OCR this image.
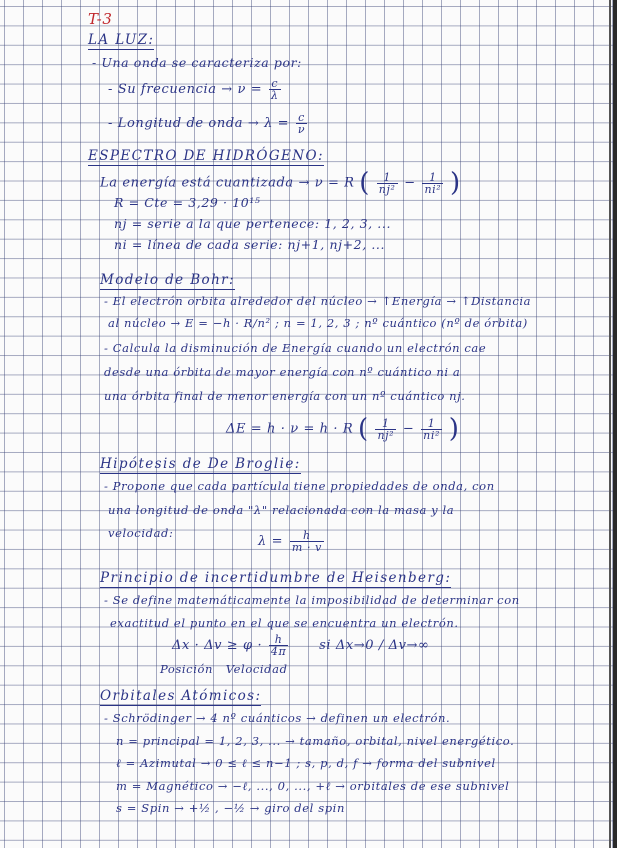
T-3
LA LUZ:
- Una onda se caracteriza por:
- Su frecuencia → $\nu = \frac{c}{\lambda}$
- Longitud de onda → $\lambda = \frac{c}{\nu}$
ESPECTRO DE HIDRÓGENO:
La energía está cuantizada → ν = R ( $\frac{1}{\text{nj²}} - \frac{1}{\text{ni²}}$ )
R = Cte = 3,29 · 10¹⁵
nj = serie a la que pertenece: 1, 2, 3, ...
ni = línea de cada serie: nj+1, nj+2, ...
Modelo de Bohr:
- El electrón orbita alrededor del núcleo → ↑Energía → ↑Distancia
al núcleo → E = −h · R/n² ; n = 1, 2, 3 ; nº cuántico (nº de órbita)
- Calcula la disminución de Energía cuando un electrón cae
desde una órbita de mayor energía con nº cuántico ni a
una órbita final de menor energía con un nº cuántico nj.
ΔE = h · ν = h · R ( $\frac{1}{\text{nj²}} - \frac{1}{\text{ni²}}$ )
Hipótesis de De Broglie:
- Propone que cada partícula tiene propiedades de onda, con
una longitud de onda "λ" relacionada con la masa y la
velocidad:
$\lambda = \frac{h}{m \cdot v}$
Principio de incertidumbre de Heisenberg:
- Se define matemáticamente la imposibilidad de determinar con
exactitud el punto en el que se encuentra un electrón.
$\Delta x \cdot \Delta v \ge \varphi \cdot \frac{h}{4\pi}$ si Δx→0 / Δv→∞
Posición   Velocidad
Orbitales Atómicos:
- Schrödinger → 4 nº cuánticos → definen un electrón.
n = principal = 1, 2, 3, ... → tamaño, orbital, nivel energético.
ℓ = Azimutal → 0 ≤ ℓ ≤ n−1 ; s, p, d, f → forma del subnivel
m = Magnético → −ℓ, ..., 0, ..., +ℓ → orbitales de ese subnivel
s = Spin → +½ , −½ → giro del spin
